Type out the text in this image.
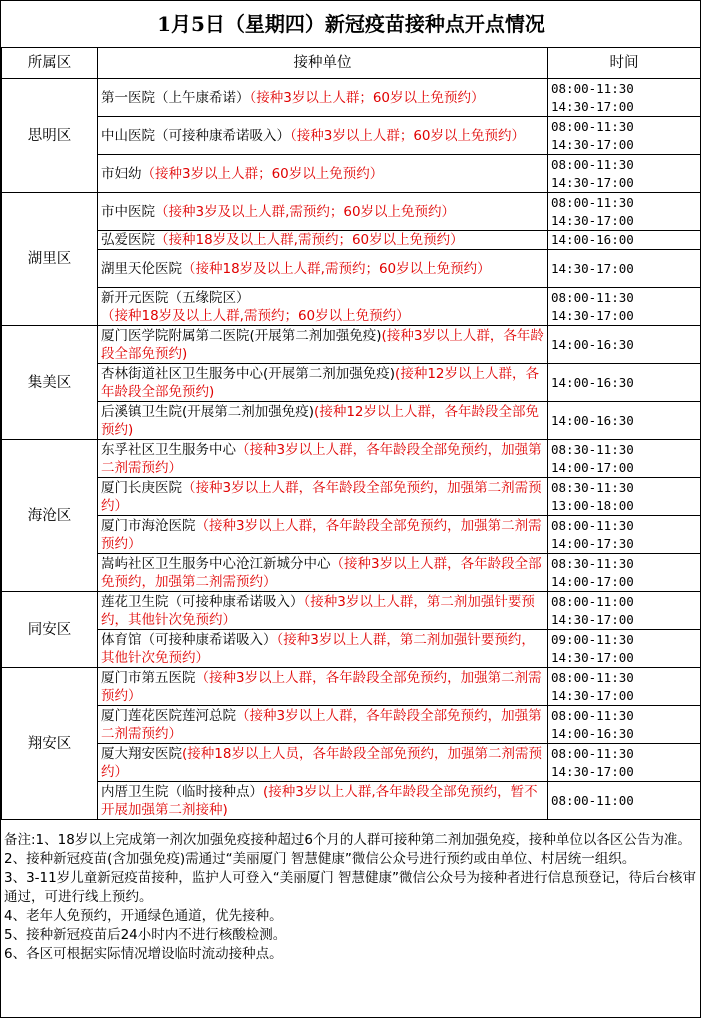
1月5日（星期四）新冠疫苗接种点开点情况		
所属区	接种单位	时间
思明区	第一医院（上午康希诺）（接种3岁以上人群；60岁以上免预约）	08:00-11:30
14:30-17:00

	中山医院（可接种康希诺吸入）（接种3岁以上人群；60岁以上免预约）	08:00-11:30
14:30-17:00

	市妇幼（接种3岁以上人群；60岁以上免预约）	08:00-11:30
14:30-17:00

湖里区	市中医院（接种3岁及以上人群,需预约；60岁以上免预约）	08:00-11:30
14:30-17:00

	弘爱医院（接种18岁及以上人群,需预约；60岁以上免预约）	14:00-16:00

	湖里天伦医院（接种18岁及以上人群,需预约；60岁以上免预约）	14:30-17:00

	新开元医院（五缘院区）（接种18岁及以上人群,需预约；60岁以上免预约）	08:00-11:30
14:30-17:00

集美区	厦门医学院附属第二医院(开展第二剂加强免疫)(接种3岁以上人群，各年龄段全部免预约)	14:00-16:30

	杏林街道社区卫生服务中心(开展第二剂加强免疫)(接种12岁以上人群，各年龄段全部免预约)	14:00-16:30

	后溪镇卫生院(开展第二剂加强免疫)(接种12岁以上人群，各年龄段全部免预约)	14:00-16:30

海沧区	东孚社区卫生服务中心（接种3岁以上人群，各年龄段全部免预约，加强第二剂需预约）	08:30-11:30
14:00-17:00

	厦门长庚医院（接种3岁以上人群，各年龄段全部免预约，加强第二剂需预约）	08:30-11:30
13:00-18:00

	厦门市海沧医院（接种3岁以上人群，各年龄段全部免预约，加强第二剂需预约）	08:00-11:30
14:00-17:30

	嵩屿社区卫生服务中心沧江新城分中心（接种3岁以上人群，各年龄段全部免预约，加强第二剂需预约）	08:30-11:30
14:00-17:00

同安区	莲花卫生院（可接种康希诺吸入）（接种3岁以上人群，第二剂加强针要预约，其他针次免预约）	08:00-11:00
14:30-17:00

	体育馆（可接种康希诺吸入）（接种3岁以上人群，第二剂加强针要预约，其他针次免预约）	09:00-11:30
14:30-17:00

翔安区	厦门市第五医院（接种3岁以上人群，各年龄段全部免预约，加强第二剂需预约）	08:00-11:30
14:30-17:00

	厦门莲花医院莲河总院（接种3岁以上人群，各年龄段全部免预约，加强第二剂需预约）	08:00-11:30
14:00-16:30

	厦大翔安医院(接种18岁以上人员，各年龄段全部免预约，加强第二剂需预约）	08:00-11:30
14:30-17:00

	内厝卫生院（临时接种点）(接种3岁以上人群,各年龄段全部免预约，暂不开展加强第二剂接种)	08:00-11:00
备注:1、18岁以上完成第一剂次加强免疫接种超过6个月的人群可接种第二剂加强免疫，接种单位以各区公告为准。
2、接种新冠疫苗(含加强免疫)需通过“美丽厦门 智慧健康”微信公众号进行预约或由单位、村居统一组织。
3、3-11岁儿童新冠疫苗接种，监护人可登入“美丽厦门 智慧健康”微信公众号为接种者进行信息预登记，待后台核审通过，可进行线上预约。
4、老年人免预约，开通绿色通道，优先接种。
5、接种新冠疫苗后24小时内不进行核酸检测。
6、各区可根据实际情况增设临时流动接种点。
